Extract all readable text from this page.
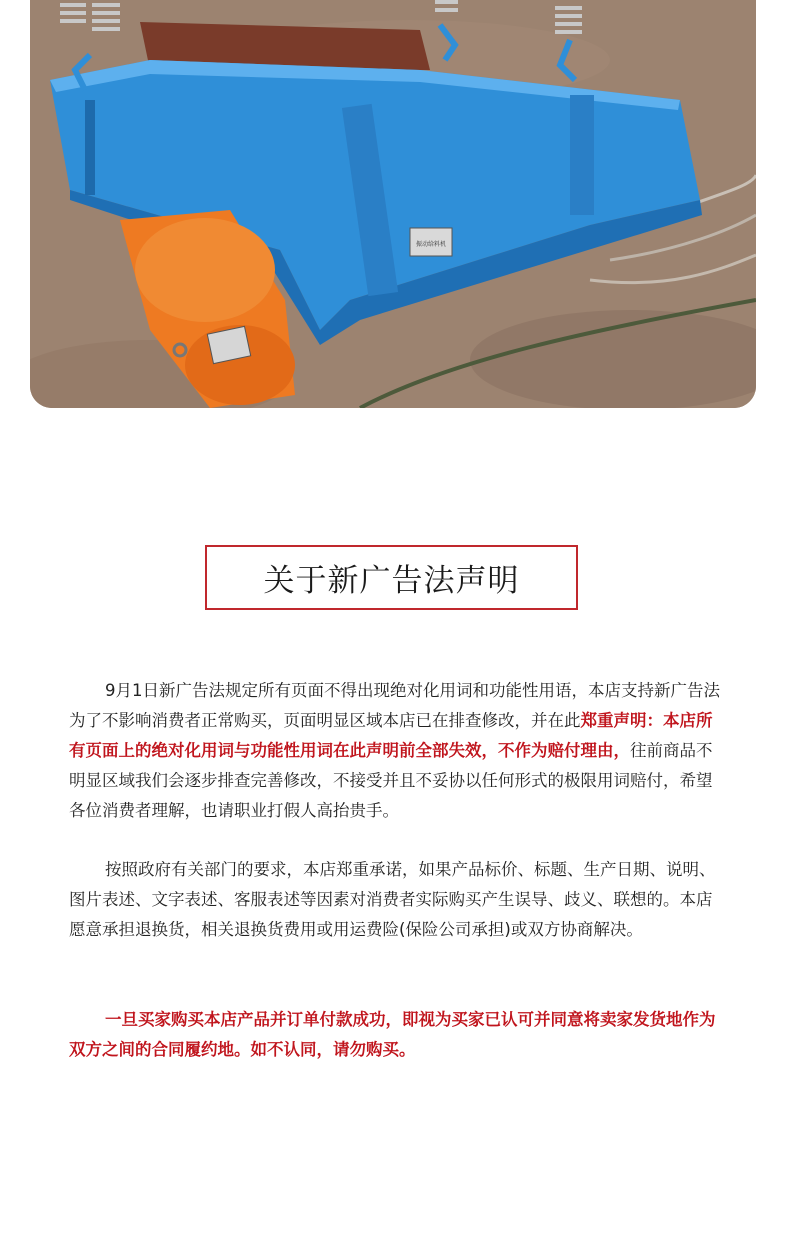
振动给料机
关于新广告法声明

9月1日新广告法规定所有页面不得出现绝对化用词和功能性用语，本店支持新广告法为了不影响消费者正常购买，页面明显区域本店已在排查修改，并在此郑重声明：本店所有页面上的绝对化用词与功能性用词在此声明前全部失效，不作为赔付理由，往前商品不明显区域我们会逐步排查完善修改，不接受并且不妥协以任何形式的极限用词赔付，希望各位消费者理解，也请职业打假人高抬贵手。

按照政府有关部门的要求，本店郑重承诺，如果产品标价、标题、生产日期、说明、图片表述、文字表述、客服表述等因素对消费者实际购买产生误导、歧义、联想的。本店愿意承担退换货，相关退换货费用或用运费险(保险公司承担)或双方协商解决。

一旦买家购买本店产品并订单付款成功，即视为买家已认可并同意将卖家发货地作为双方之间的合同履约地。如不认同，请勿购买。
